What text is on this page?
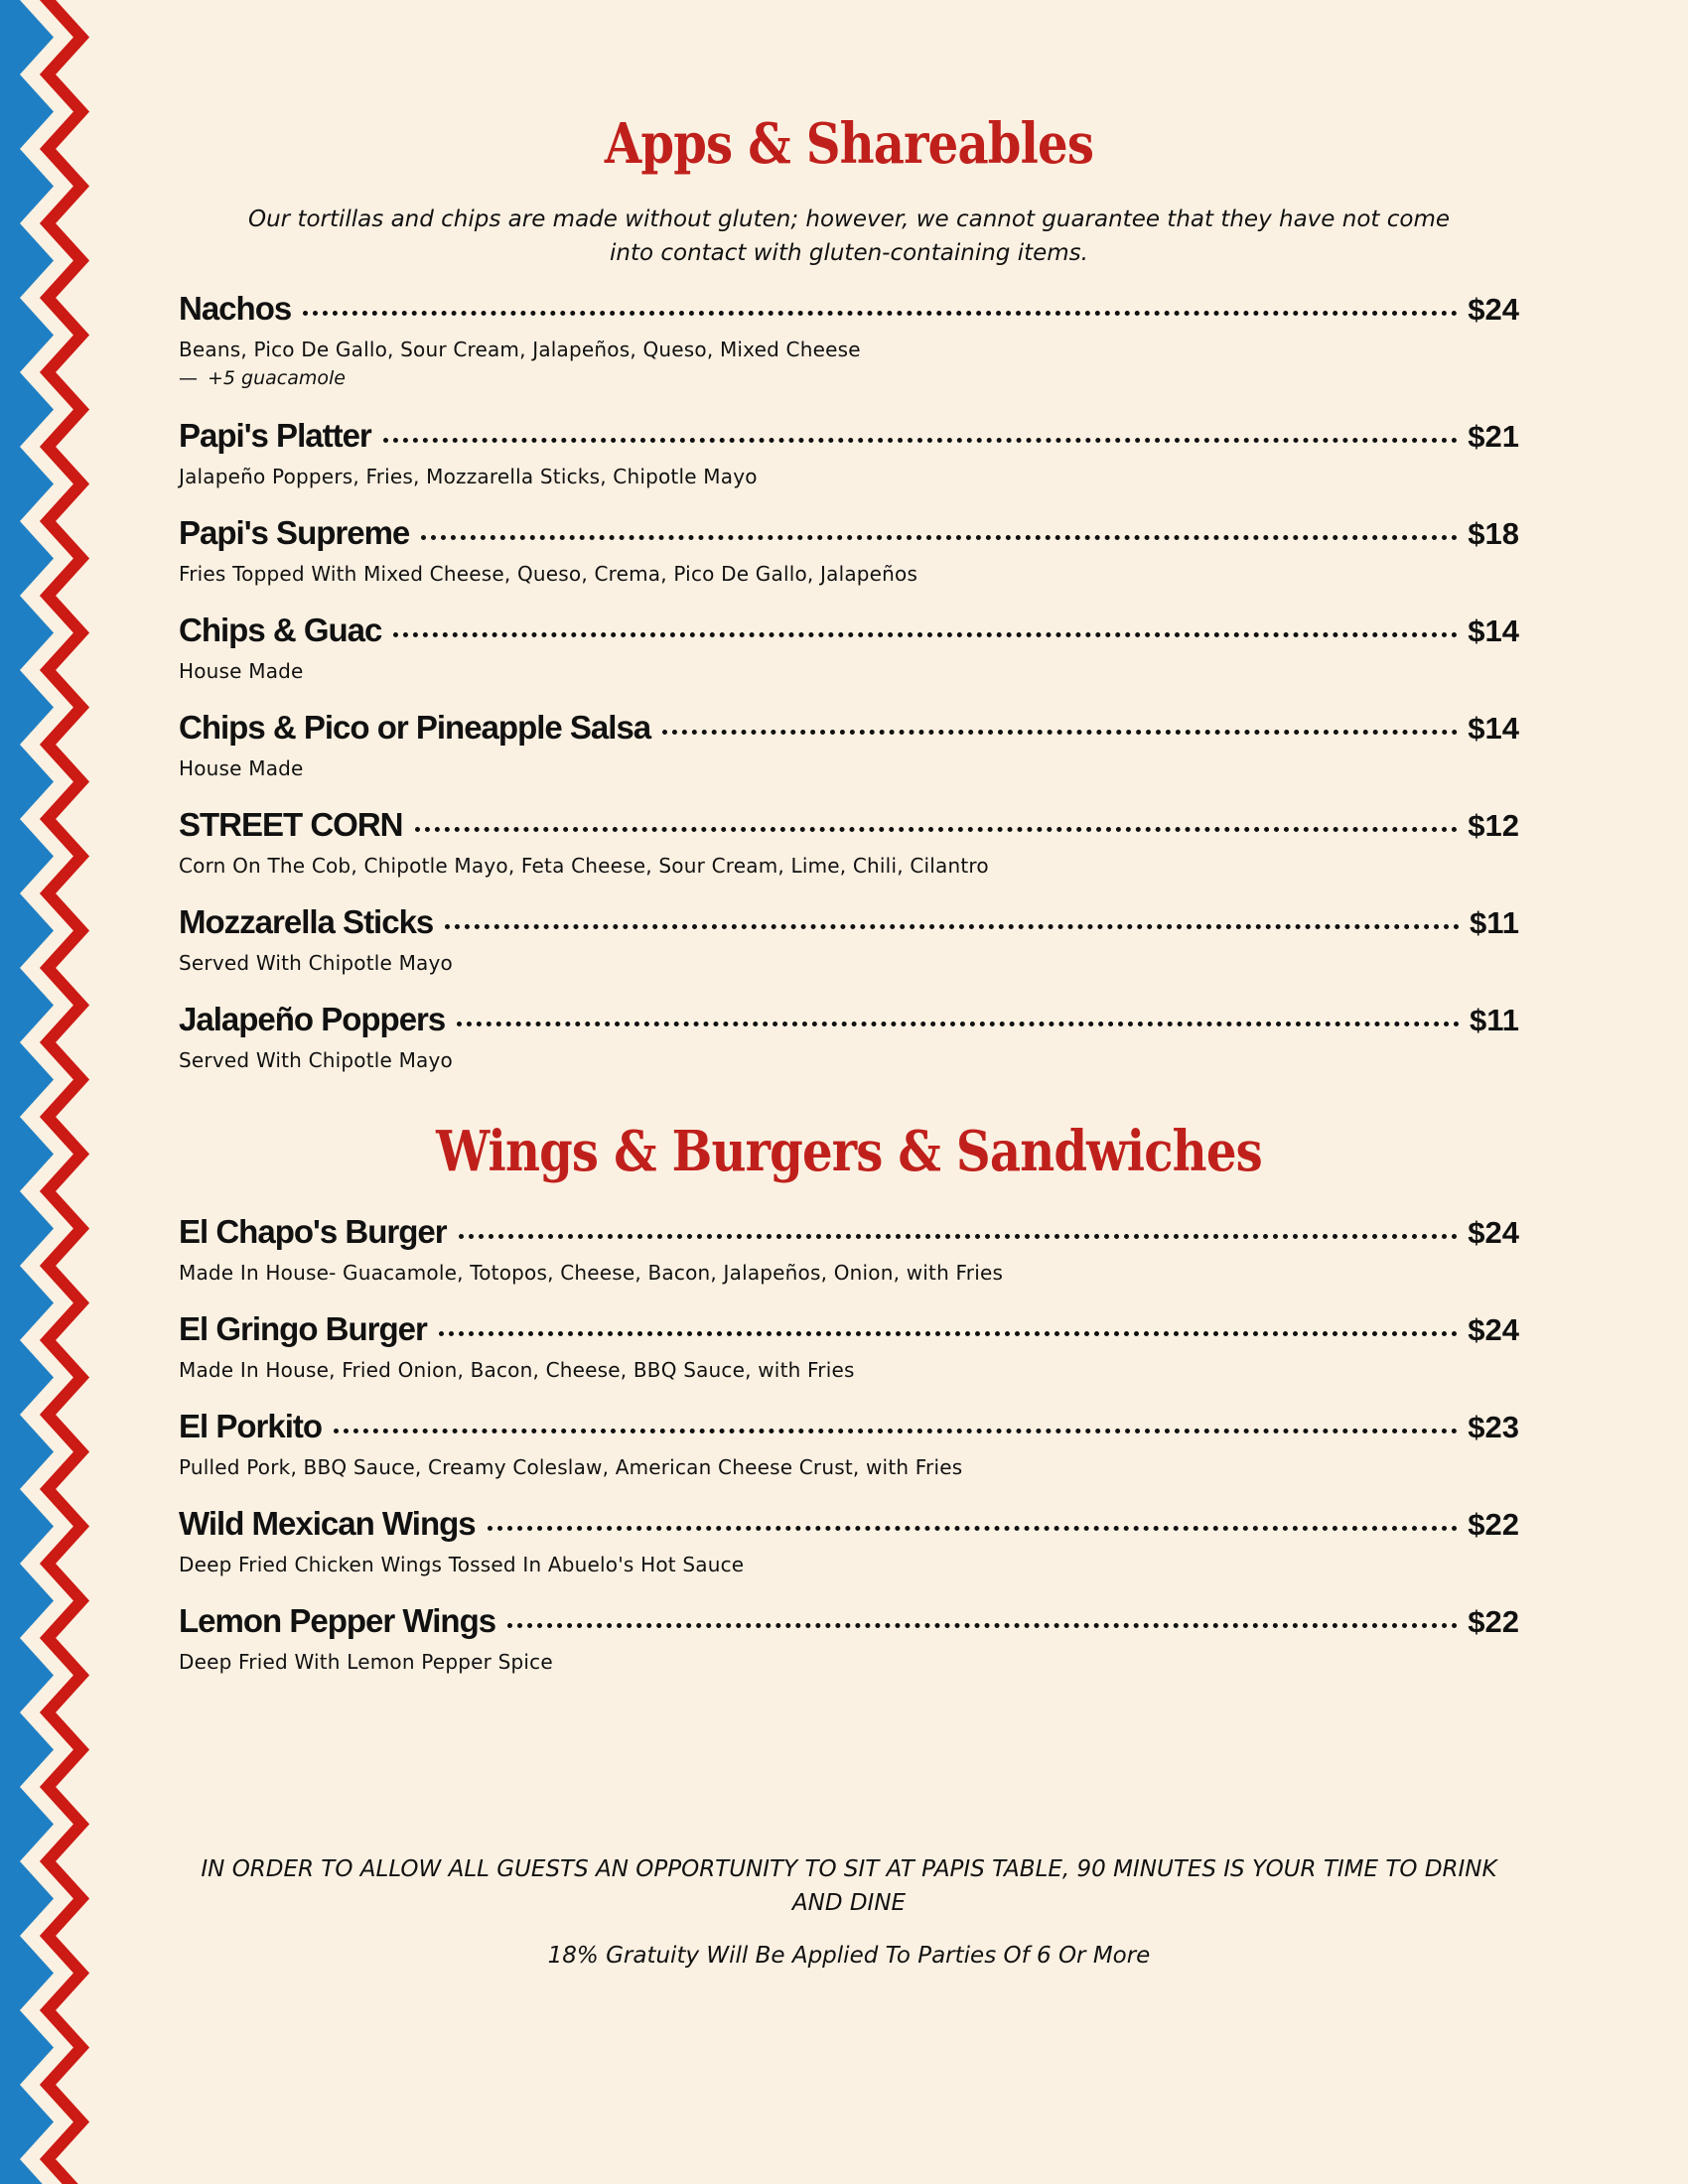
Apps & Shareables

Our tortillas and chips are made without gluten; however, we cannot guarantee that they have not come into contact with gluten-containing items.

Nachos	$24
Beans, Pico De Gallo, Sour Cream, Jalapeños, Queso, Mixed Cheese
— +5 guacamole
Papi's Platter	$21
Jalapeño Poppers, Fries, Mozzarella Sticks, Chipotle Mayo
Papi's Supreme	$18
Fries Topped With Mixed Cheese, Queso, Crema, Pico De Gallo, Jalapeños
Chips & Guac	$14
House Made
Chips & Pico or Pineapple Salsa	$14
House Made
STREET CORN	$12
Corn On The Cob, Chipotle Mayo, Feta Cheese, Sour Cream, Lime, Chili, Cilantro
Mozzarella Sticks	$11
Served With Chipotle Mayo
Jalapeño Poppers	$11
Served With Chipotle Mayo
Wings & Burgers & Sandwiches
El Chapo's Burger	$24
Made In House- Guacamole, Totopos, Cheese, Bacon, Jalapeños, Onion, with Fries
El Gringo Burger	$24
Made In House, Fried Onion, Bacon, Cheese, BBQ Sauce, with Fries
El Porkito	$23
Pulled Pork, BBQ Sauce, Creamy Coleslaw, American Cheese Crust, with Fries
Wild Mexican Wings	$22
Deep Fried Chicken Wings Tossed In Abuelo's Hot Sauce
Lemon Pepper Wings	$22
Deep Fried With Lemon Pepper Spice

IN ORDER TO ALLOW ALL GUESTS AN OPPORTUNITY TO SIT AT PAPIS TABLE, 90 MINUTES IS YOUR TIME TO DRINK AND DINE

18% Gratuity Will Be Applied To Parties Of 6 Or More
